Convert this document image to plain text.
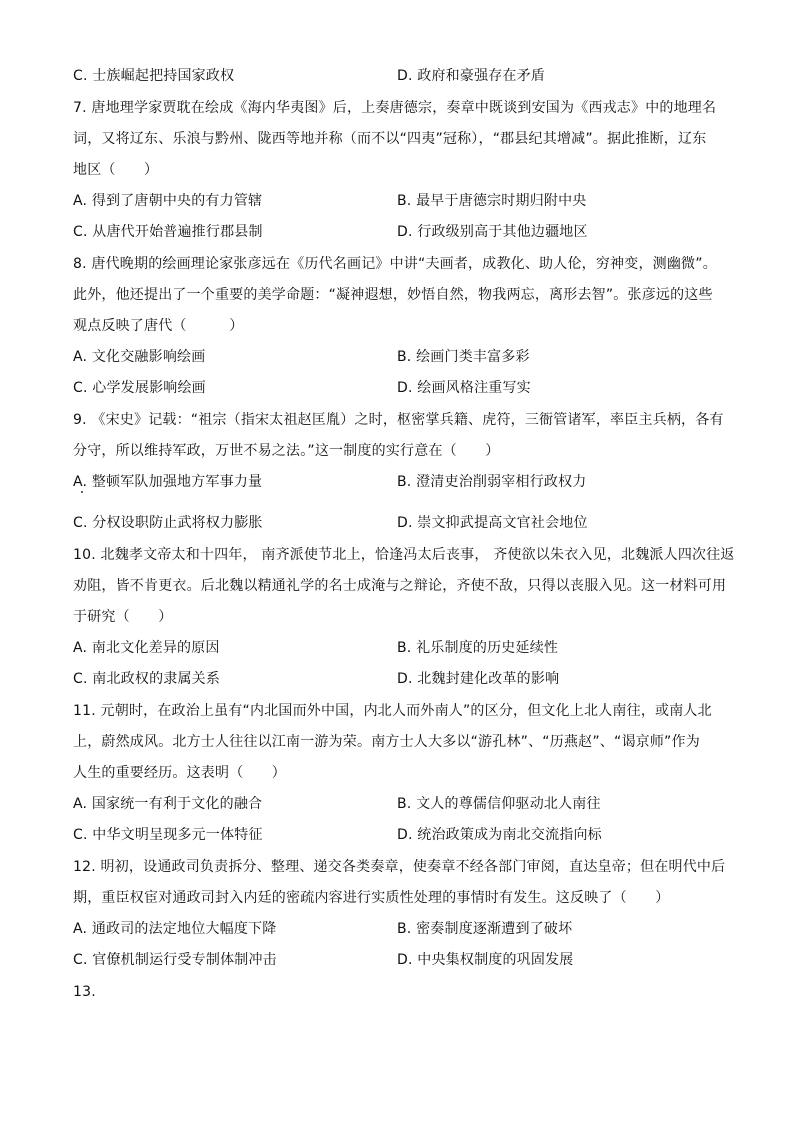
C. 士族崛起把持国家政权	D. 政府和豪强存在矛盾
7. 唐地理学家贾耽在绘成《海内华夷图》后，上奏唐德宗，奏章中既谈到安国为《西戎志》中的地理名
词，又将辽东、乐浪与黔州、陇西等地并称（而不以“四夷”冠称），“郡县纪其增减”。据此推断，辽东
地区（　　）
A. 得到了唐朝中央的有力管辖	B. 最早于唐德宗时期归附中央
C. 从唐代开始普遍推行郡县制	D. 行政级别高于其他边疆地区
8. 唐代晚期的绘画理论家张彦远在《历代名画记》中讲“夫画者，成教化、助人伦，穷神变，测幽微”。
此外，他还提出了一个重要的美学命题：“凝神遐想，妙悟自然，物我两忘，离形去智”。张彦远的这些
观点反映了唐代（　　　）
A. 文化交融影响绘画	B. 绘画门类丰富多彩
C. 心学发展影响绘画	D. 绘画风格注重写实
9. 《宋史》记载：“祖宗（指宋太祖赵匡胤）之时，枢密掌兵籍、虎符，三衙管诸军，率臣主兵柄，各有
分守，所以维持军政，万世不易之法。”这一制度的实行意在（　　）
A. 整顿军队加强地方军事力量	B. 澄清吏治削弱宰相行政权力
C. 分权设职防止武将权力膨胀	D. 崇文抑武提高文官社会地位
10. 北魏孝文帝太和十四年， 南齐派使节北上，恰逢冯太后丧事， 齐使欲以朱衣入见，北魏派人四次往返
劝阻，皆不肯更衣。后北魏以精通礼学的名士成淹与之辩论，齐使不敌，只得以丧服入见。这一材料可用
于研究（　　）
A. 南北文化差异的原因	B. 礼乐制度的历史延续性
C. 南北政权的隶属关系	D. 北魏封建化改革的影响
11. 元朝时，在政治上虽有“内北国而外中国，内北人而外南人”的区分，但文化上北人南往，或南人北
上，蔚然成风。北方士人往往以江南一游为荣。南方士人大多以“游孔林”、“历燕赵”、“谒京师”作为
人生的重要经历。这表明（　　）
A. 国家统一有利于文化的融合	B. 文人的尊儒信仰驱动北人南往
C. 中华文明呈现多元一体特征	D. 统治政策成为南北交流指向标
12. 明初，设通政司负责拆分、整理、递交各类奏章，使奏章不经各部门审阅，直达皇帝；但在明代中后
期，重臣权宦对通政司封入内廷的密疏内容进行实质性处理的事情时有发生。这反映了（　　）
A. 通政司的法定地位大幅度下降	B. 密奏制度逐渐遭到了破坏
C. 官僚机制运行受专制体制冲击	D. 中央集权制度的巩固发展
13.
